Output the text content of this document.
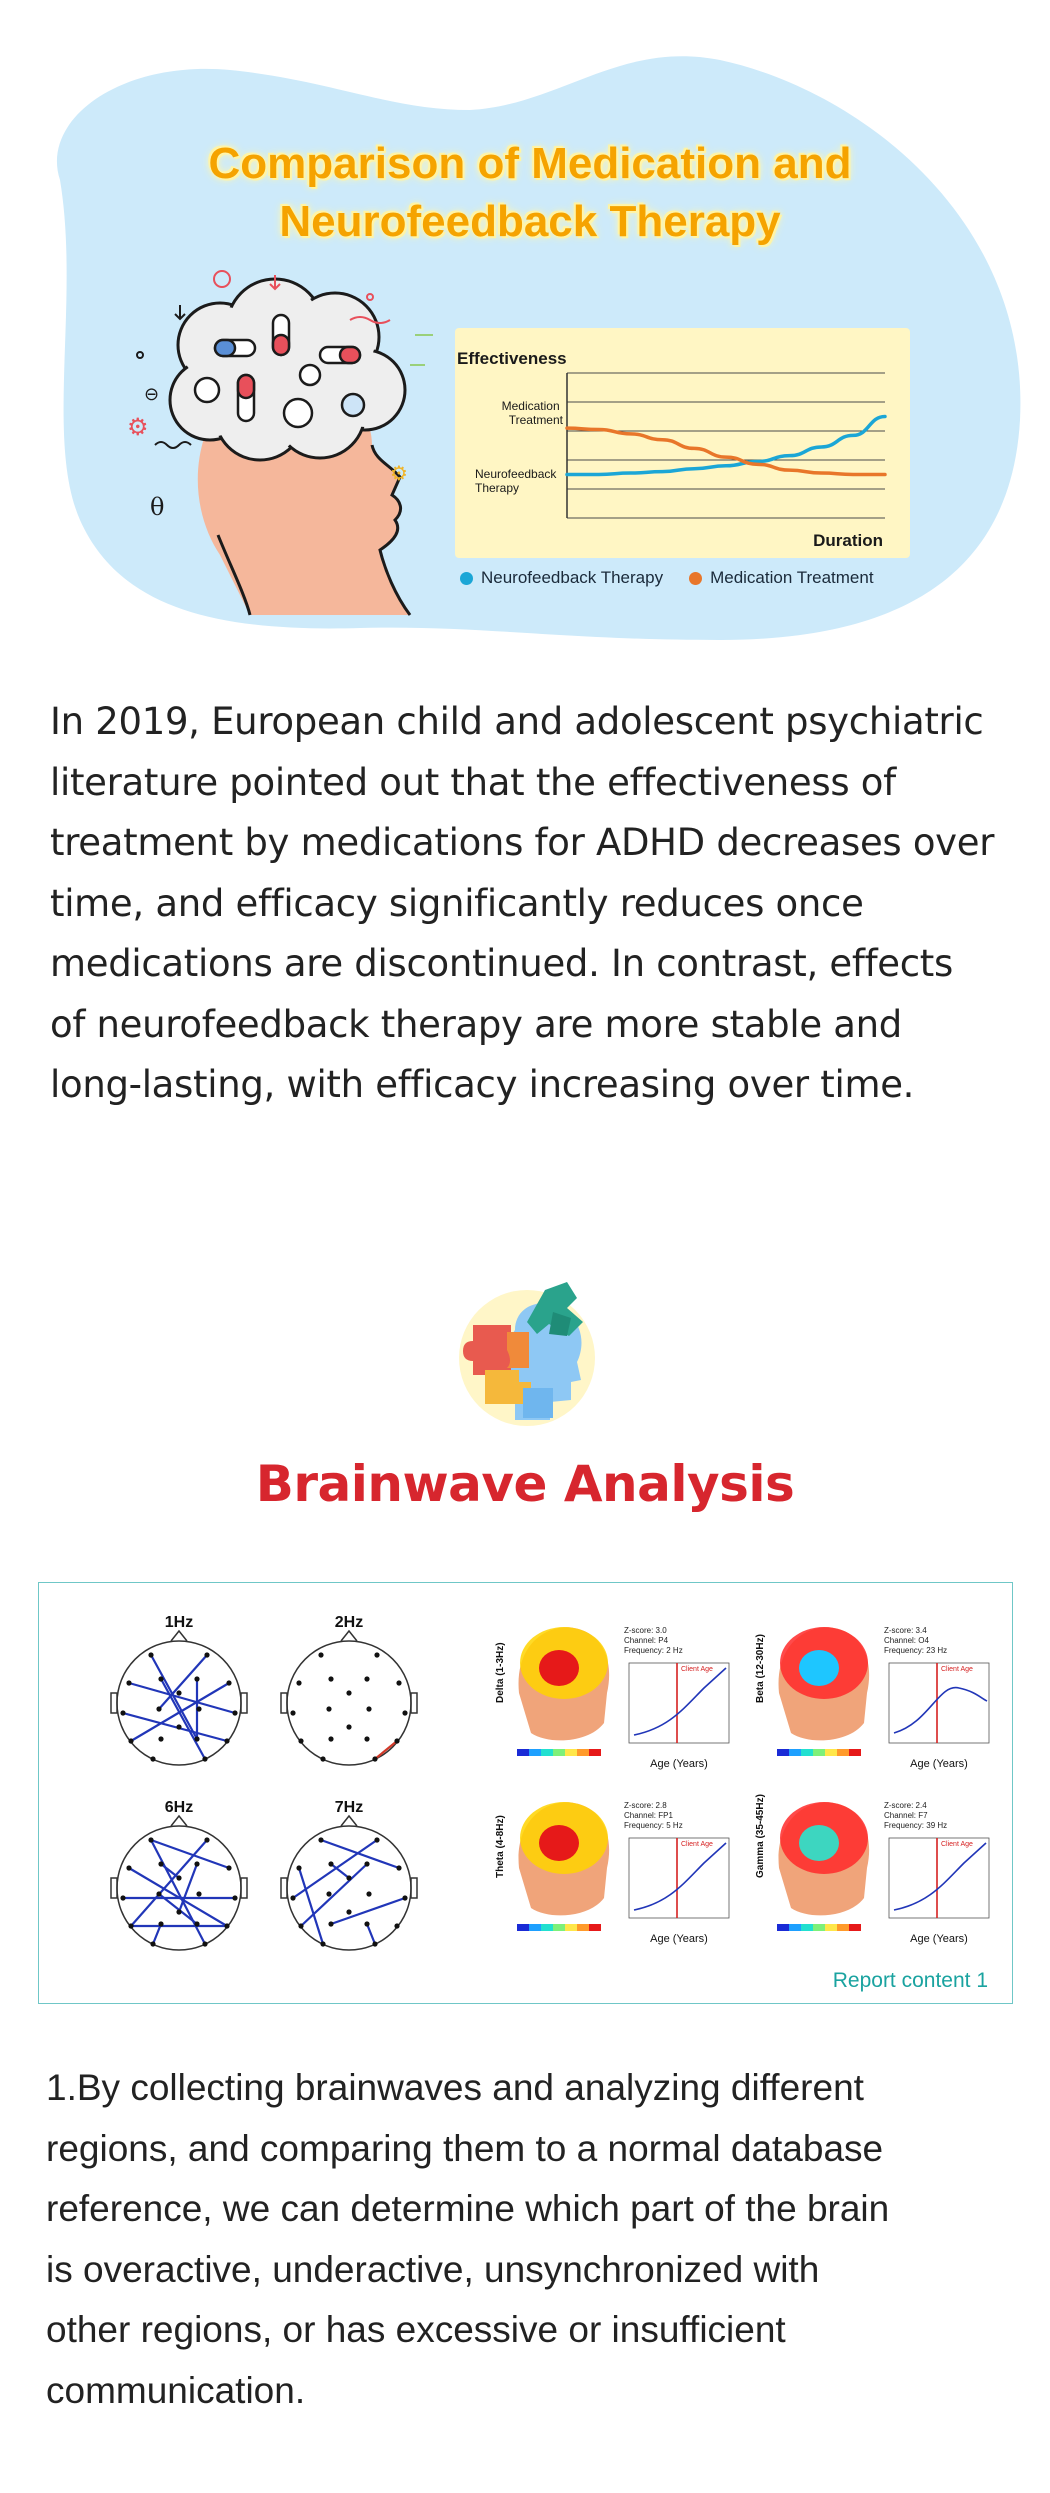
Comparison of Medication and
Neurofeedback Therapy
⊖
θ
⚙
⚙
Effectiveness
Duration
Medication Treatment
Neurofeedback Therapy
Neurofeedback Therapy	Medication Treatment
In 2019, European child and adolescent psychiatric
literature pointed out that the effectiveness of
treatment by medications for ADHD decreases over
time, and efficacy significantly reduces once
medications are discontinued. In contrast, effects
of neurofeedback therapy are more stable and
long-lasting, with efficacy increasing over time.
Brainwave Analysis
1Hz	2Hz
6Hz	7Hz
Delta (1-3Hz)
Z-score: 3.0
Channel: P4
Frequency: 2 Hz
Client Age
Age (Years)
Beta (12-30Hz)
Z-score: 3.4
Channel: O4
Frequency: 23 Hz
Client Age
Age (Years)
Theta (4-8Hz)
Z-score: 2.8
Channel: FP1
Frequency: 5 Hz
Client Age
Age (Years)
Gamma (35-45Hz)	Z-score: 2.4
Channel: F7
Frequency: 39 Hz
Client Age
Age (Years)
Report content 1
1.By collecting brainwaves and analyzing different
regions, and comparing them to a normal database
reference, we can determine which part of the brain
is overactive, underactive, unsynchronized with
other regions, or has excessive or insufficient
communication.
